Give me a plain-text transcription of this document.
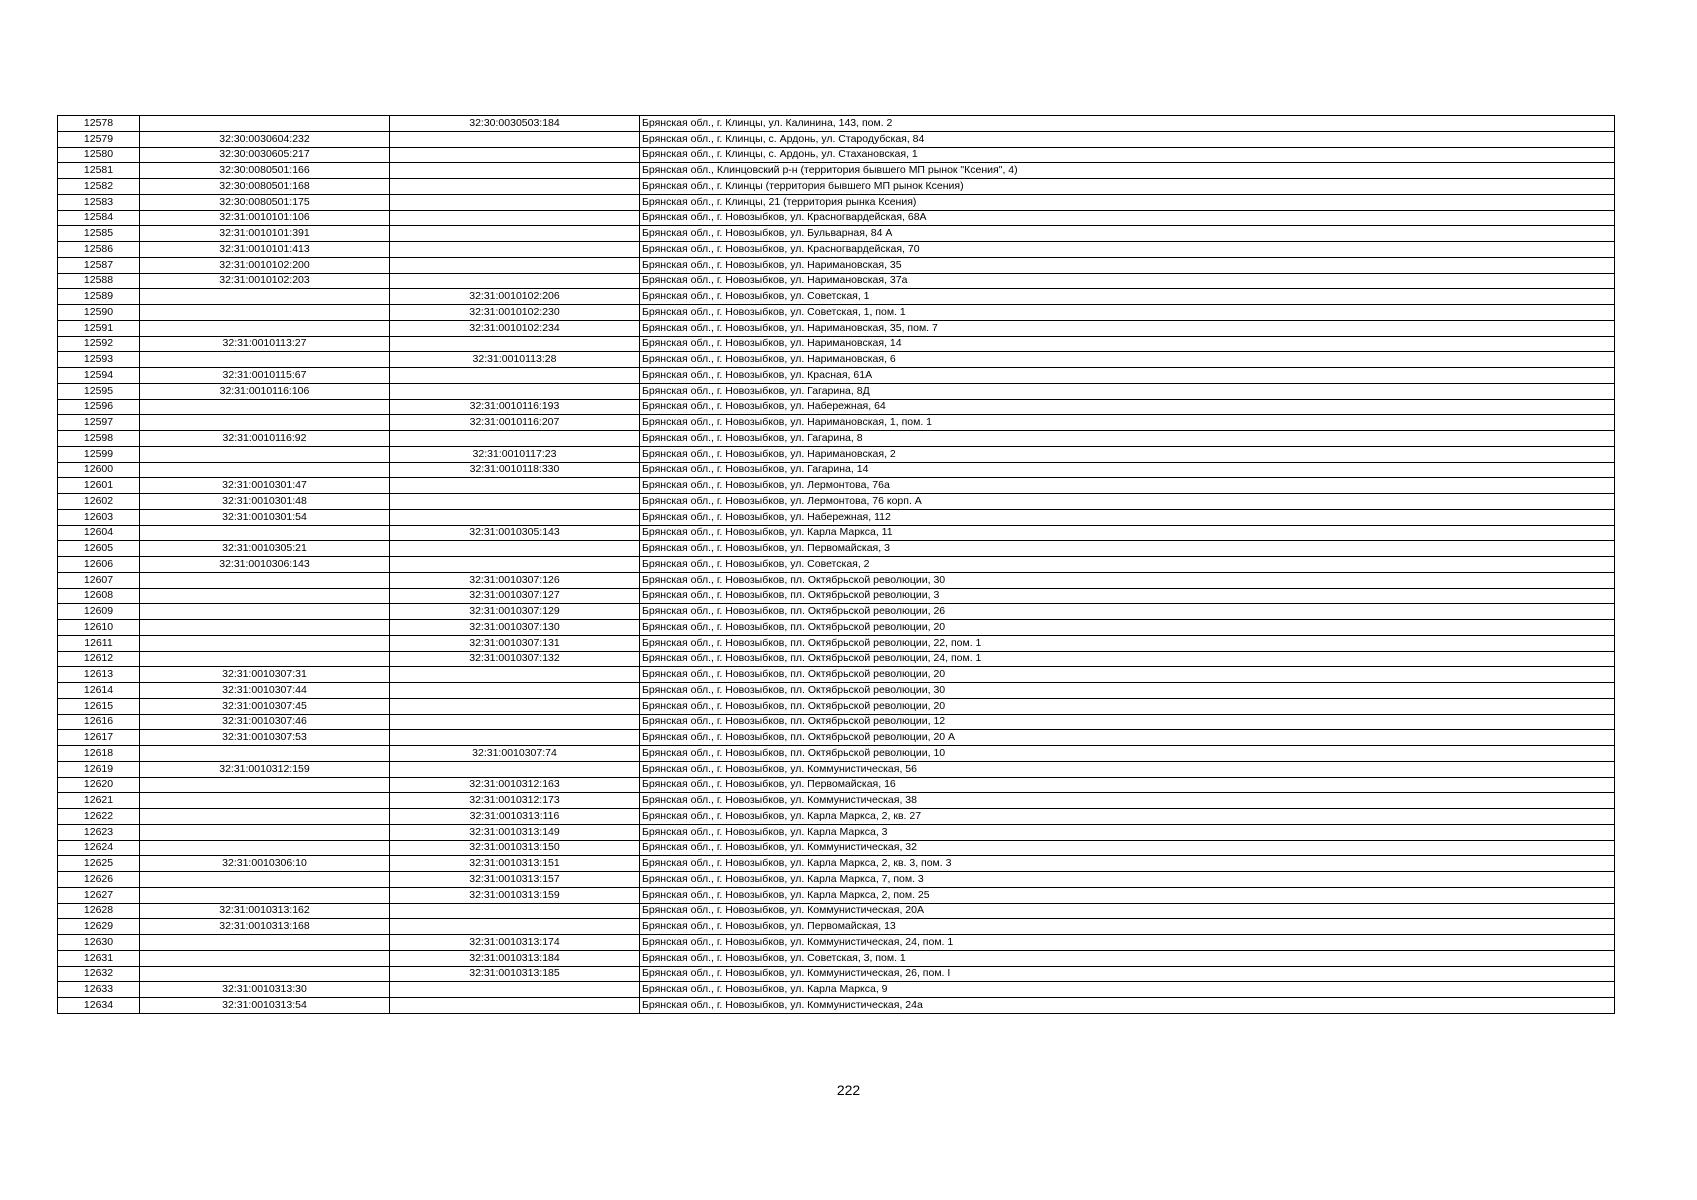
12578		32:30:0030503:184	Брянская обл., г. Клинцы, ул. Калинина, 143, пом. 2
12579	32:30:0030604:232		Брянская обл., г. Клинцы, с. Ардонь, ул. Стародубская, 84
12580	32:30:0030605:217		Брянская обл., г. Клинцы, с. Ардонь, ул. Стахановская, 1
12581	32:30:0080501:166		Брянская обл., Клинцовский р-н (территория бывшего МП рынок "Ксения", 4)
12582	32:30:0080501:168		Брянская обл., г. Клинцы (территория бывшего МП рынок Ксения)
12583	32:30:0080501:175		Брянская обл., г. Клинцы, 21 (территория рынка Ксения)
12584	32:31:0010101:106		Брянская обл., г. Новозыбков, ул. Красногвардейская, 68А
12585	32:31:0010101:391		Брянская обл., г. Новозыбков, ул. Бульварная, 84 А
12586	32:31:0010101:413		Брянская обл., г. Новозыбков, ул. Красногвардейская, 70
12587	32:31:0010102:200		Брянская обл., г. Новозыбков, ул. Наримановская, 35
12588	32:31:0010102:203		Брянская обл., г. Новозыбков, ул. Наримановская, 37а
12589		32:31:0010102:206	Брянская обл., г. Новозыбков, ул. Советская, 1
12590		32:31:0010102:230	Брянская обл., г. Новозыбков, ул. Советская, 1, пом. 1
12591		32:31:0010102:234	Брянская обл., г. Новозыбков, ул. Наримановская, 35, пом. 7
12592	32:31:0010113:27		Брянская обл., г. Новозыбков, ул. Наримановская, 14
12593		32:31:0010113:28	Брянская обл., г. Новозыбков, ул. Наримановская, 6
12594	32:31:0010115:67		Брянская обл., г. Новозыбков, ул. Красная, 61А
12595	32:31:0010116:106		Брянская обл., г. Новозыбков, ул. Гагарина, 8Д
12596		32:31:0010116:193	Брянская обл., г. Новозыбков, ул. Набережная, 64
12597		32:31:0010116:207	Брянская обл., г. Новозыбков, ул. Наримановская, 1, пом. 1
12598	32:31:0010116:92		Брянская обл., г. Новозыбков, ул. Гагарина, 8
12599		32:31:0010117:23	Брянская обл., г. Новозыбков, ул. Наримановская, 2
12600		32:31:0010118:330	Брянская обл., г. Новозыбков, ул. Гагарина, 14
12601	32:31:0010301:47		Брянская обл., г. Новозыбков, ул. Лермонтова, 76а
12602	32:31:0010301:48		Брянская обл., г. Новозыбков, ул. Лермонтова, 76 корп. А
12603	32:31:0010301:54		Брянская обл., г. Новозыбков, ул. Набережная, 112
12604		32:31:0010305:143	Брянская обл., г. Новозыбков, ул. Карла Маркса, 11
12605	32:31:0010305:21		Брянская обл., г. Новозыбков, ул. Первомайская, 3
12606	32:31:0010306:143		Брянская обл., г. Новозыбков, ул. Советская, 2
12607		32:31:0010307:126	Брянская обл., г. Новозыбков, пл. Октябрьской революции, 30
12608		32:31:0010307:127	Брянская обл., г. Новозыбков, пл. Октябрьской революции, 3
12609		32:31:0010307:129	Брянская обл., г. Новозыбков, пл. Октябрьской революции, 26
12610		32:31:0010307:130	Брянская обл., г. Новозыбков, пл. Октябрьской революции, 20
12611		32:31:0010307:131	Брянская обл., г. Новозыбков, пл. Октябрьской революции, 22, пом. 1
12612		32:31:0010307:132	Брянская обл., г. Новозыбков, пл. Октябрьской революции, 24, пом. 1
12613	32:31:0010307:31		Брянская обл., г. Новозыбков, пл. Октябрьской революции, 20
12614	32:31:0010307:44		Брянская обл., г. Новозыбков, пл. Октябрьской революции, 30
12615	32:31:0010307:45		Брянская обл., г. Новозыбков, пл. Октябрьской революции, 20
12616	32:31:0010307:46		Брянская обл., г. Новозыбков, пл. Октябрьской революции, 12
12617	32:31:0010307:53		Брянская обл., г. Новозыбков, пл. Октябрьской революции, 20 А
12618		32:31:0010307:74	Брянская обл., г. Новозыбков, пл. Октябрьской революции, 10
12619	32:31:0010312:159		Брянская обл., г. Новозыбков, ул. Коммунистическая, 56
12620		32:31:0010312:163	Брянская обл., г. Новозыбков, ул. Первомайская, 16
12621		32:31:0010312:173	Брянская обл., г. Новозыбков, ул. Коммунистическая, 38
12622		32:31:0010313:116	Брянская обл., г. Новозыбков, ул. Карла Маркса, 2, кв. 27
12623		32:31:0010313:149	Брянская обл., г. Новозыбков, ул. Карла Маркса, 3
12624		32:31:0010313:150	Брянская обл., г. Новозыбков, ул. Коммунистическая, 32
12625	32:31:0010306:10	32:31:0010313:151	Брянская обл., г. Новозыбков, ул. Карла Маркса, 2, кв. 3, пом. 3
12626		32:31:0010313:157	Брянская обл., г. Новозыбков, ул. Карла Маркса, 7, пом. 3
12627		32:31:0010313:159	Брянская обл., г. Новозыбков, ул. Карла Маркса, 2, пом. 25
12628	32:31:0010313:162		Брянская обл., г. Новозыбков, ул. Коммунистическая, 20А
12629	32:31:0010313:168		Брянская обл., г. Новозыбков, ул. Первомайская, 13
12630		32:31:0010313:174	Брянская обл., г. Новозыбков, ул. Коммунистическая, 24, пом. 1
12631		32:31:0010313:184	Брянская обл., г. Новозыбков, ул. Советская, 3, пом. 1
12632		32:31:0010313:185	Брянская обл., г. Новозыбков, ул. Коммунистическая, 26, пом. I
12633	32:31:0010313:30		Брянская обл., г. Новозыбков, ул. Карла Маркса, 9
12634	32:31:0010313:54		Брянская обл., г. Новозыбков, ул. Коммунистическая, 24а
222
